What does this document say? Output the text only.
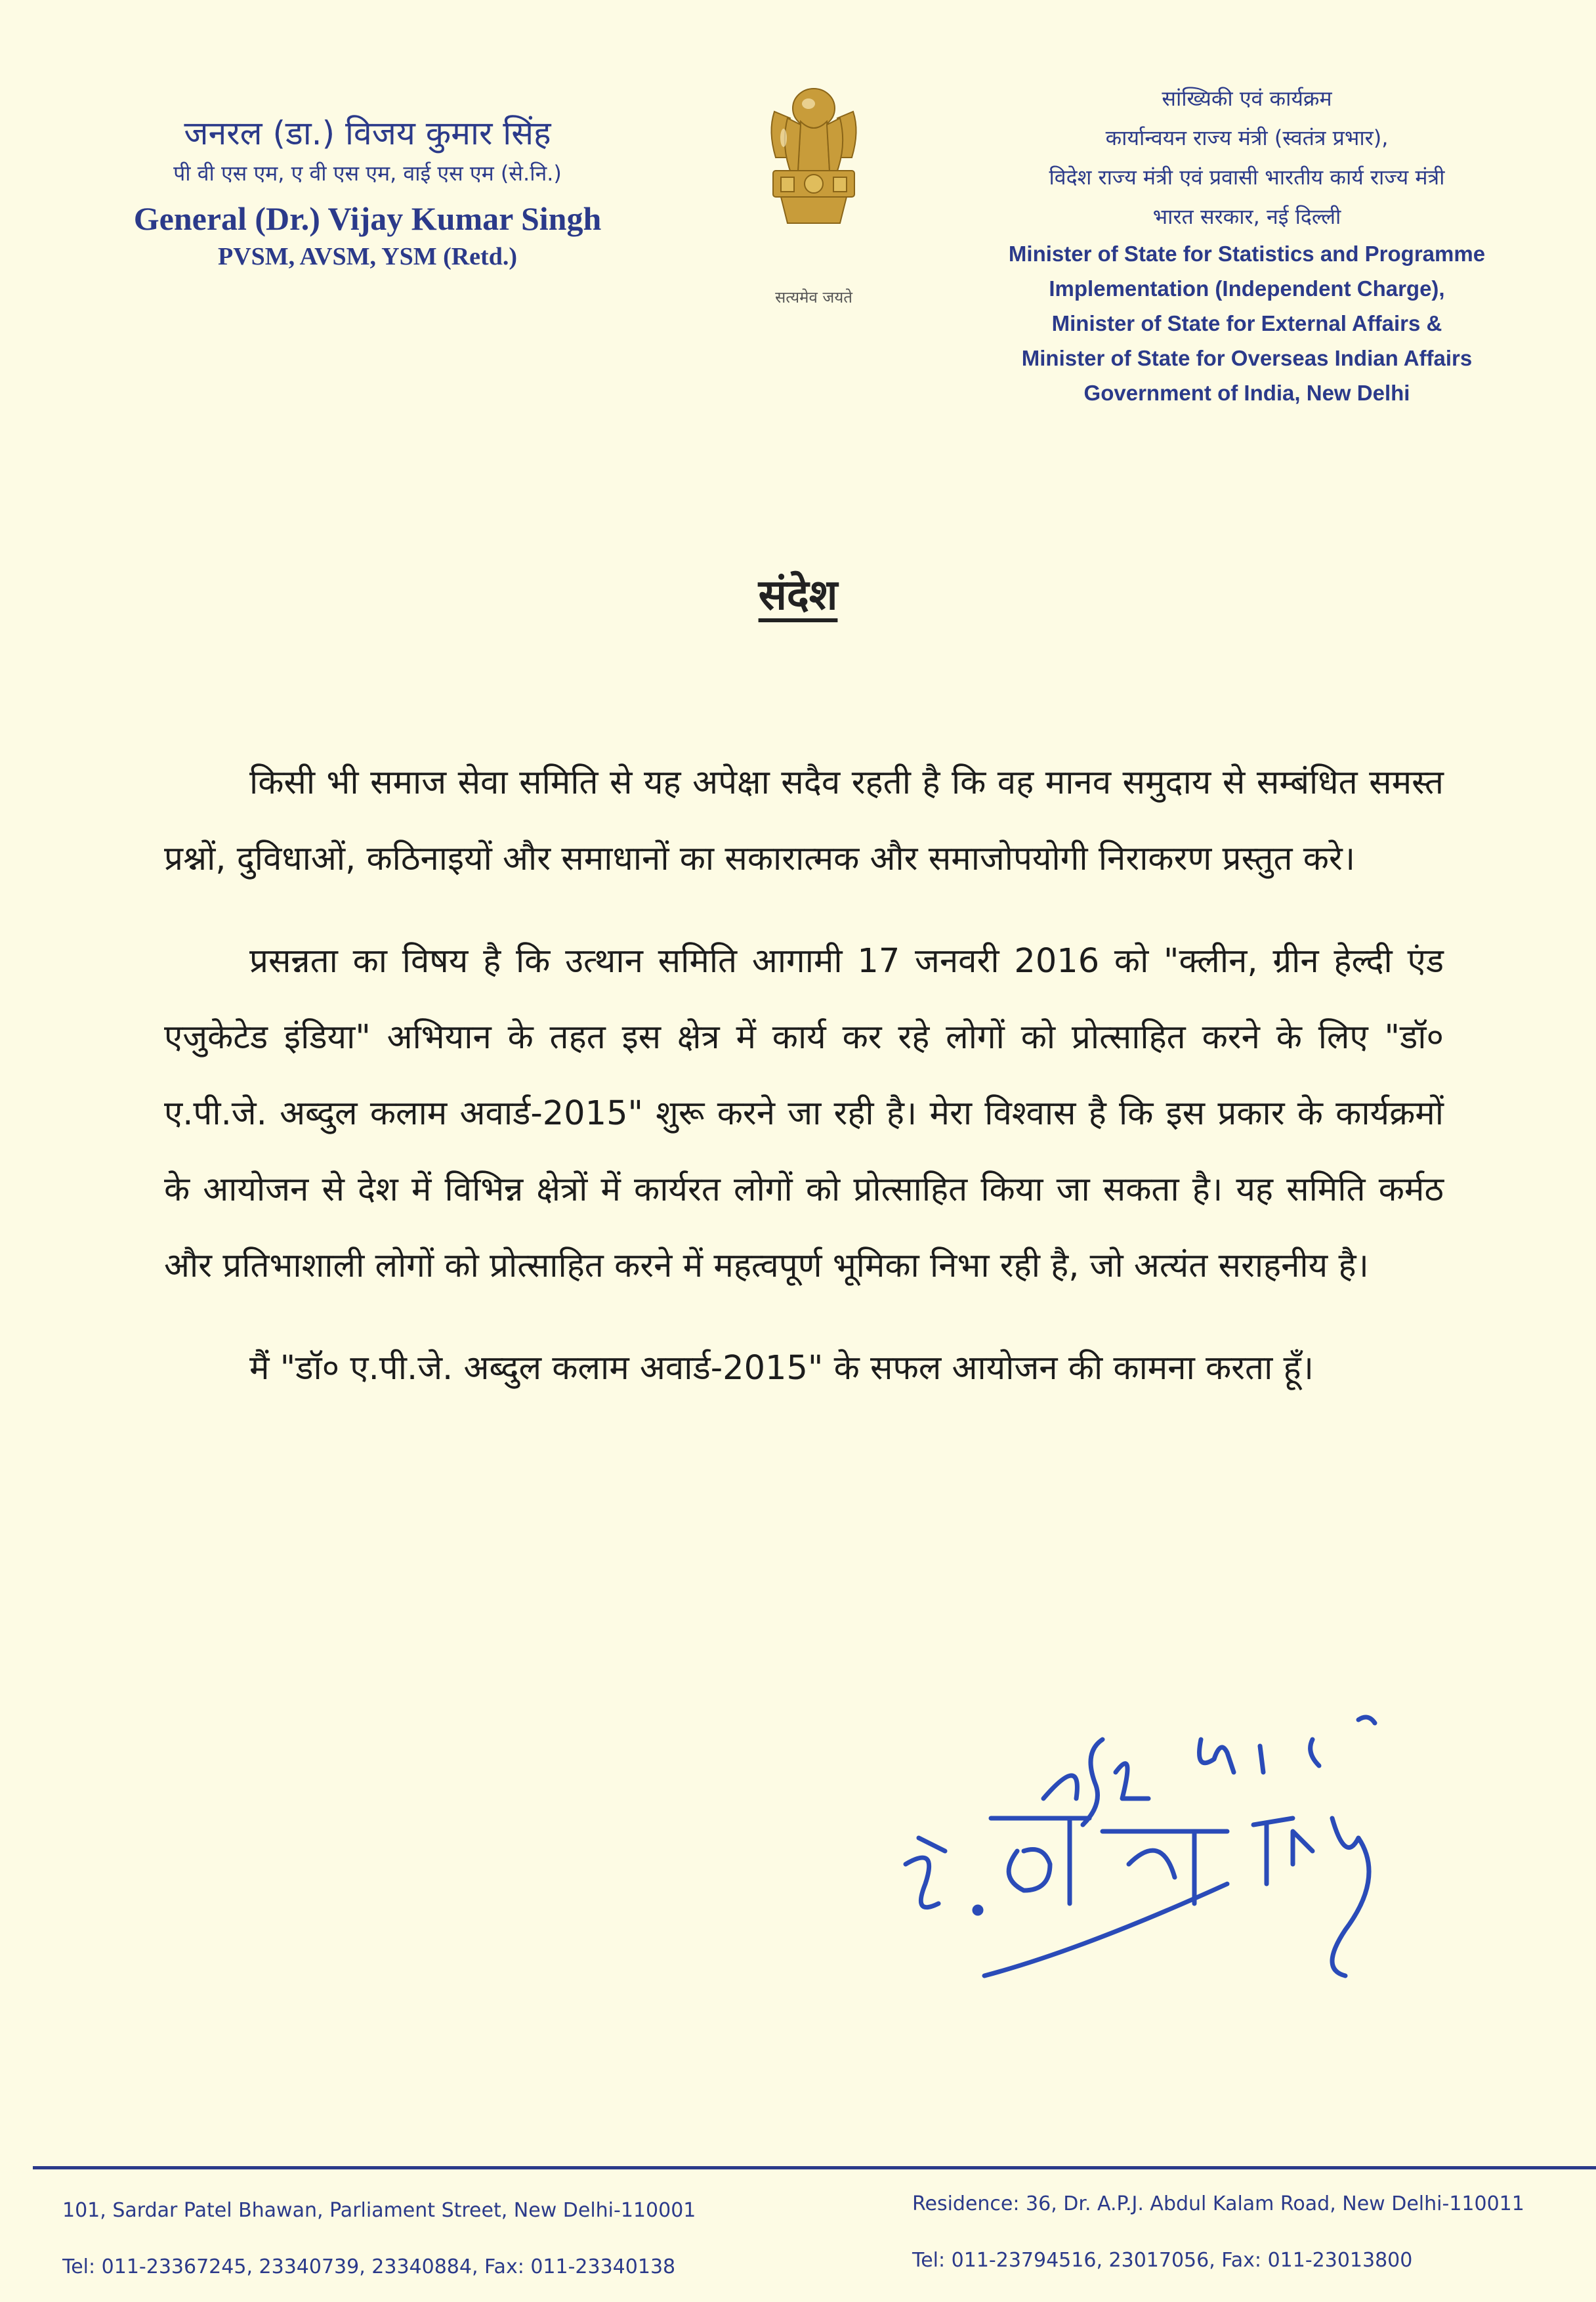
जनरल (डा.) विजय कुमार सिंह
पी वी एस एम, ए वी एस एम, वाई एस एम (से.नि.)
General (Dr.) Vijay Kumar Singh
PVSM, AVSM, YSM (Retd.)
सत्यमेव जयते
सांख्यिकी एवं कार्यक्रम
कार्यान्वयन राज्य मंत्री (स्वतंत्र प्रभार),
विदेश राज्य मंत्री एवं प्रवासी भारतीय कार्य राज्य मंत्री
भारत सरकार, नई दिल्ली
Minister of State for Statistics and Programme
Implementation (Independent Charge),
Minister of State for External Affairs &
Minister of State for Overseas Indian Affairs
Government of India, New Delhi
संदेश

किसी भी समाज सेवा समिति से यह अपेक्षा सदैव रहती है कि वह मानव समुदाय से सम्बंधित समस्त प्रश्नों, दुविधाओं, कठिनाइयों और समाधानों का सकारात्मक और समाजोपयोगी निराकरण प्रस्तुत करे।

प्रसन्नता का विषय है कि उत्थान समिति आगामी 17 जनवरी 2016 को "क्लीन, ग्रीन हेल्दी एंड एजुकेटेड इंडिया" अभियान के तहत इस क्षेत्र में कार्य कर रहे लोगों को प्रोत्साहित करने के लिए "डॉ० ए.पी.जे. अब्दुल कलाम अवार्ड-2015" शुरू करने जा रही है। मेरा विश्वास है कि इस प्रकार के कार्यक्रमों के आयोजन से देश में विभिन्न क्षेत्रों में कार्यरत लोगों को प्रोत्साहित किया जा सकता है। यह समिति कर्मठ और प्रतिभाशाली लोगों को प्रोत्साहित करने में महत्वपूर्ण भूमिका निभा रही है, जो अत्यंत सराहनीय है।

मैं "डॉ० ए.पी.जे. अब्दुल कलाम अवार्ड-2015" के सफल आयोजन की कामना करता हूँ।

101, Sardar Patel Bhawan, Parliament Street, New Delhi-110001
Tel: 011-23367245, 23340739, 23340884, Fax: 011-23340138
Residence: 36, Dr. A.P.J. Abdul Kalam Road, New Delhi-110011
Tel: 011-23794516, 23017056, Fax: 011-23013800
